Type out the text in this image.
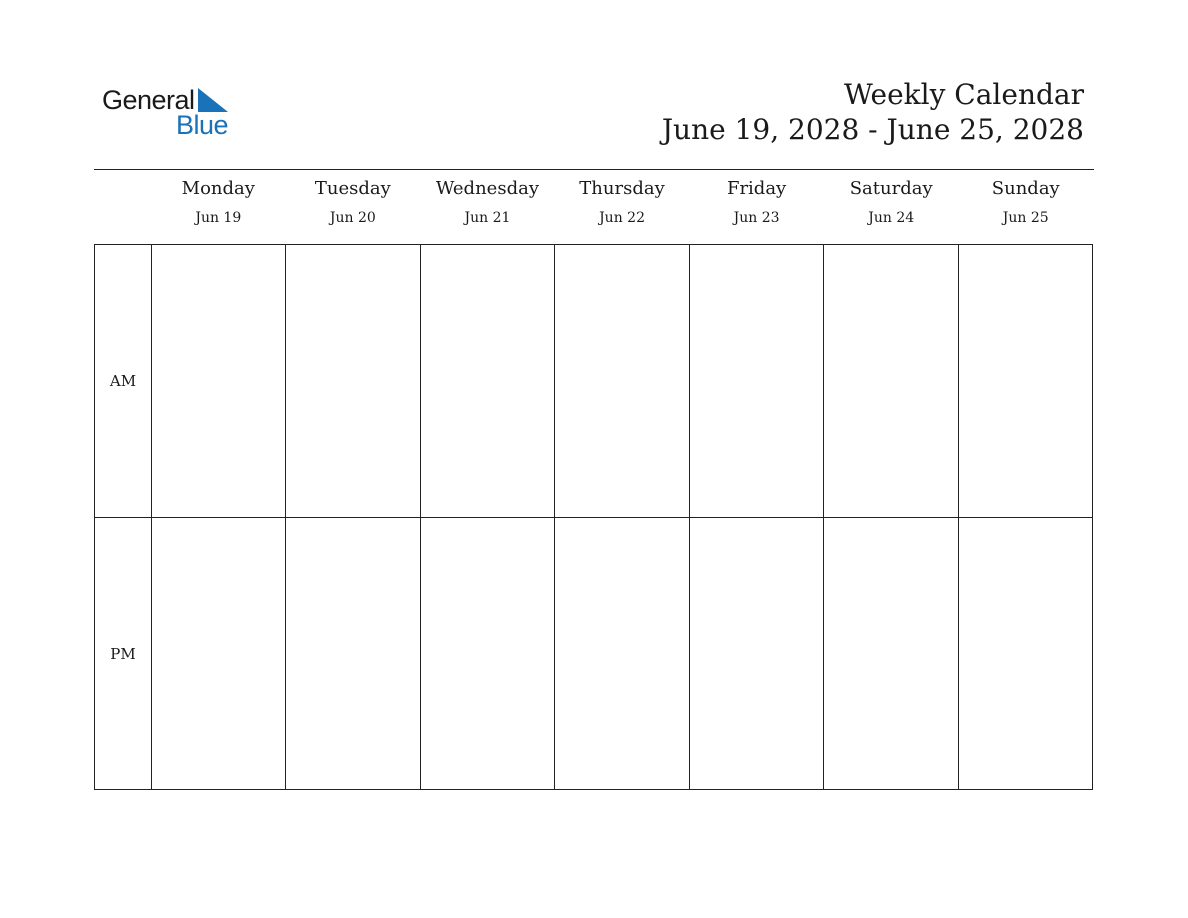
General
Blue
Weekly Calendar
June 19, 2028 - June 25, 2028
Monday
Jun 19
Tuesday
Jun 20
Wednesday
Jun 21
Thursday
Jun 22
Friday
Jun 23
Saturday
Jun 24
Sunday
Jun 25
AM
PM
